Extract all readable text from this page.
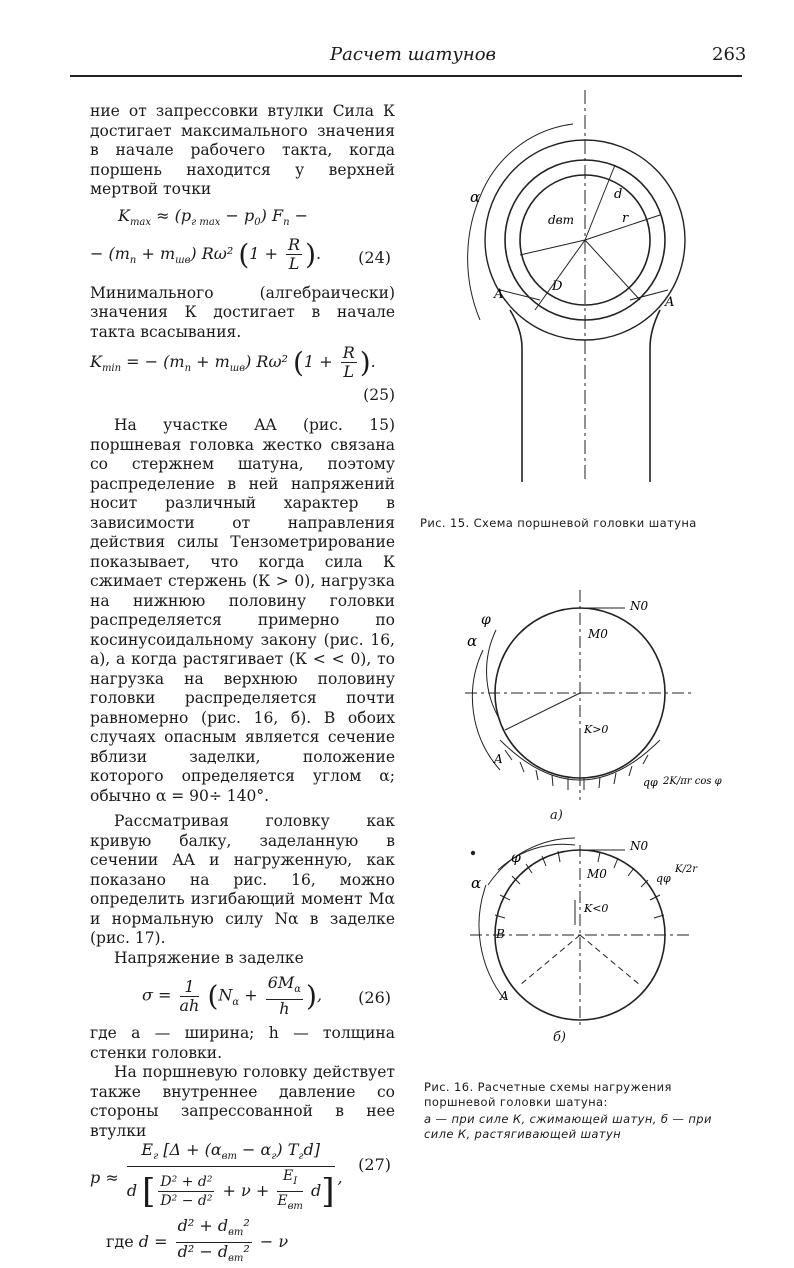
Расчет шатунов	263

ние от запрессовки втулки Сила К достигает максимального значения в начале рабочего такта, когда поршень находится у верхней мертвой точки

$K_{max} \approx (p_{г max} - p_0) F_п$ −
− $(m_п + m_{шв})$ Rω² ($1 + \frac{R}{L}$ ). (24)

Минимального (алгебраически) значения К достигает в начале такта всасывания.

$K_{min}$ = − $(m_п + m_{шв})$ Rω² ($1 + \frac{R}{L}$ ).
(25)

На участке AA (рис. 15) поршневая головка жестко связана со стержнем шатуна, поэтому распределение в ней напряжений носит различный характер в зависимости от направления действия силы Тензометрирование показывает, что когда сила К сжимает стержень (К > 0), нагрузка на нижнюю половину головки распределяется примерно по косинусоидальному закону (рис. 16, а), а когда растягивает (К < < 0), то нагрузка на верхнюю половину головки распределяется почти равномерно (рис. 16, б). В обоих случаях опасным является сечение вблизи заделки, положение которого определяется углом α; обычно α = 90÷ 140°.

Рассматривая головку как кривую балку, заделанную в сечении AA и нагруженную, как показано на рис. 16, можно определить изгибающий момент Mα и нормальную силу Nα в заделке (рис. 17).

Напряжение в заделке

$\sigma = \frac{1}{ah} (N_\alpha + \frac{6M_\alpha}{h}$ ), (26)

где а — ширина; h — толщина стенки головки.

На поршневую головку действует также внутреннее давление со стороны запрессованной в нее втулки

$p \approx \frac{E_г [\Delta + (\alpha_{вт} - \alpha_г) T_гd]}{d [ \frac{\text{D² + d²}}{\text{D² − d²}} + \nu + \frac{E_I}{E_{вт}} d]}$ ,
(27)
где $d = \frac{d^2 + d_{вт}^2}{d^2 - d_{вт}^2} - \nu$
α	d
dвт	r
D
A
A
Рис. 15. Схема поршневой головки шатуна
φ
α
N0
M0
K>0
A
qφ 2K/πr cos φ
а)
φ
α
N0
M0	qφ
K/2r
K<0
B
A
б)
Рис. 16. Расчетные схемы нагружения поршневой головки шатуна:
а — при силе К, сжимающей шатун, б — при силе К, растягивающей шатун
